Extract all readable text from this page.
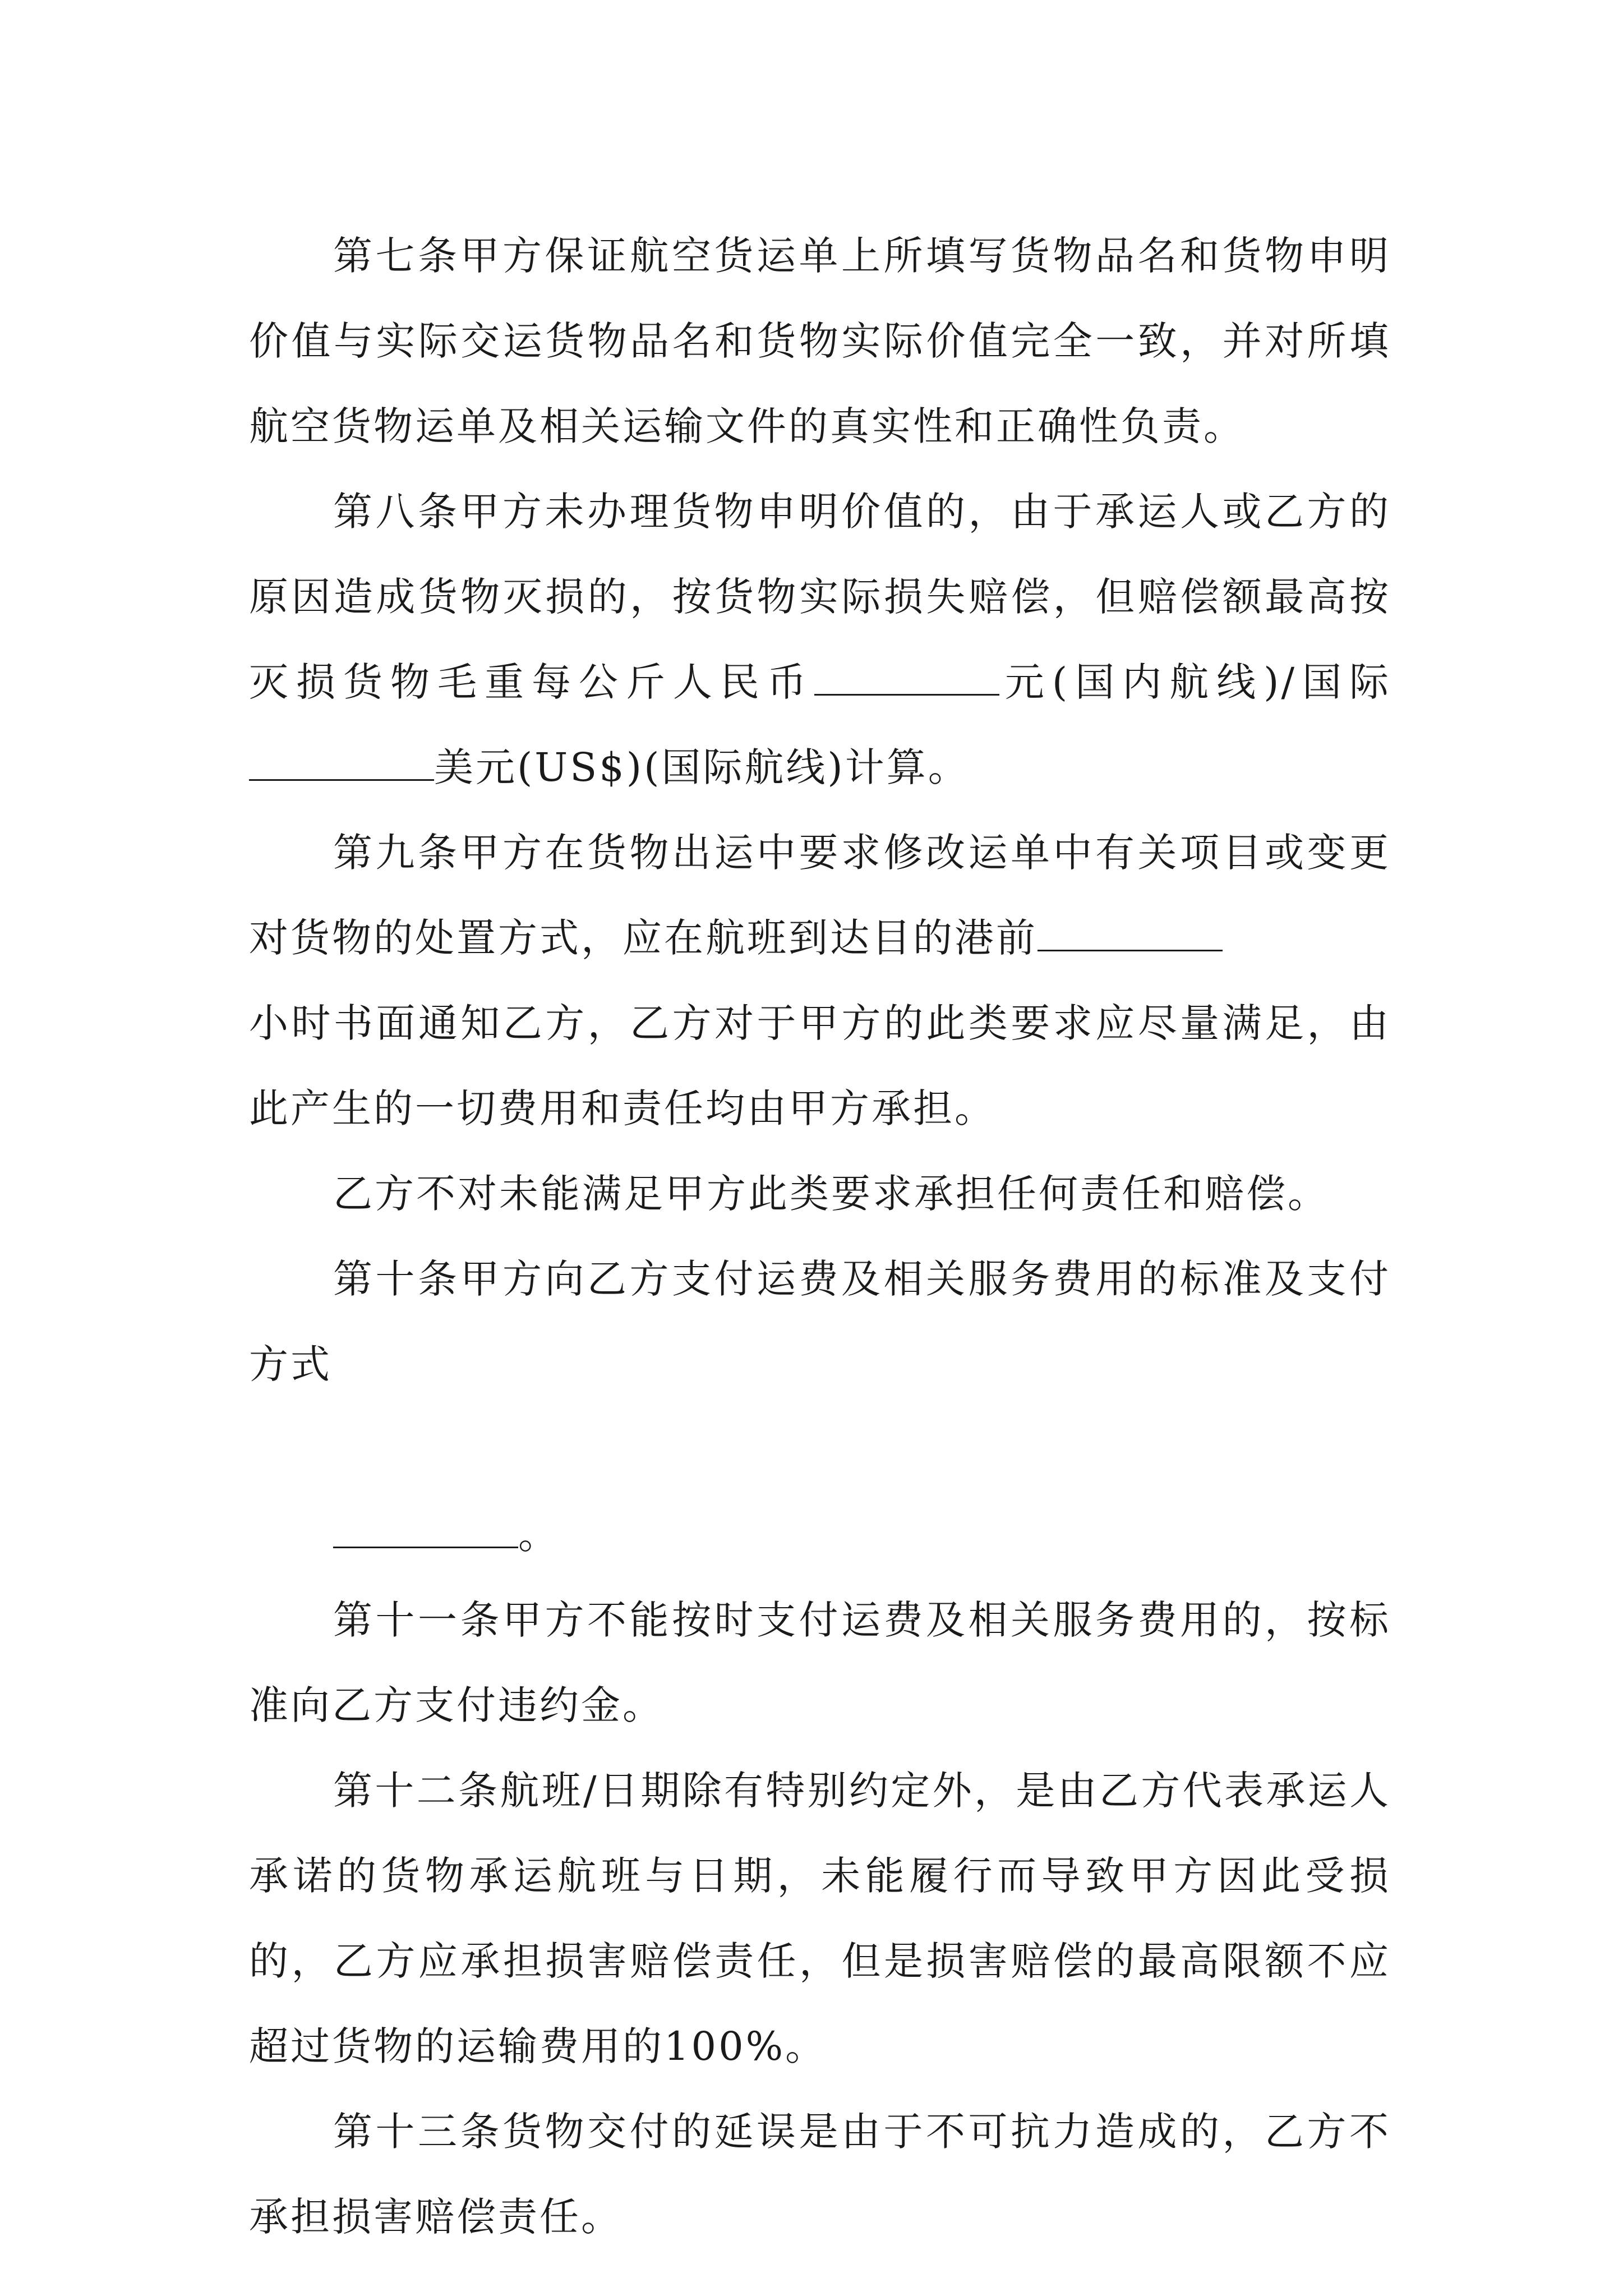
第七条甲方保证航空货运单上所填写货物品名和货物申明价值与实际交运货物品名和货物实际价值完全一致，并对所填航空货物运单及相关运输文件的真实性和正确性负责。

第八条甲方未办理货物申明价值的，由于承运人或乙方的原因造成货物灭损的，按货物实际损失赔偿，但赔偿额最高按灭损货物毛重每公斤人民币	元(国内航线)/国际美元(US$)(国际航线)计算。

第九条甲方在货物出运中要求修改运单中有关项目或变更对货物的处置方式，应在航班到达目的港前
小时书面通知乙方，乙方对于甲方的此类要求应尽量满足，由此产生的一切费用和责任均由甲方承担。

乙方不对未能满足甲方此类要求承担任何责任和赔偿。

第十条甲方向乙方支付运费及相关服务费用的标准及支付方式

。

第十一条甲方不能按时支付运费及相关服务费用的，按标准向乙方支付违约金。

第十二条航班/日期除有特别约定外，是由乙方代表承运人承诺的货物承运航班与日期，未能履行而导致甲方因此受损的，乙方应承担损害赔偿责任，但是损害赔偿的最高限额不应超过货物的运输费用的100%。

第十三条货物交付的延误是由于不可抗力造成的，乙方不承担损害赔偿责任。
